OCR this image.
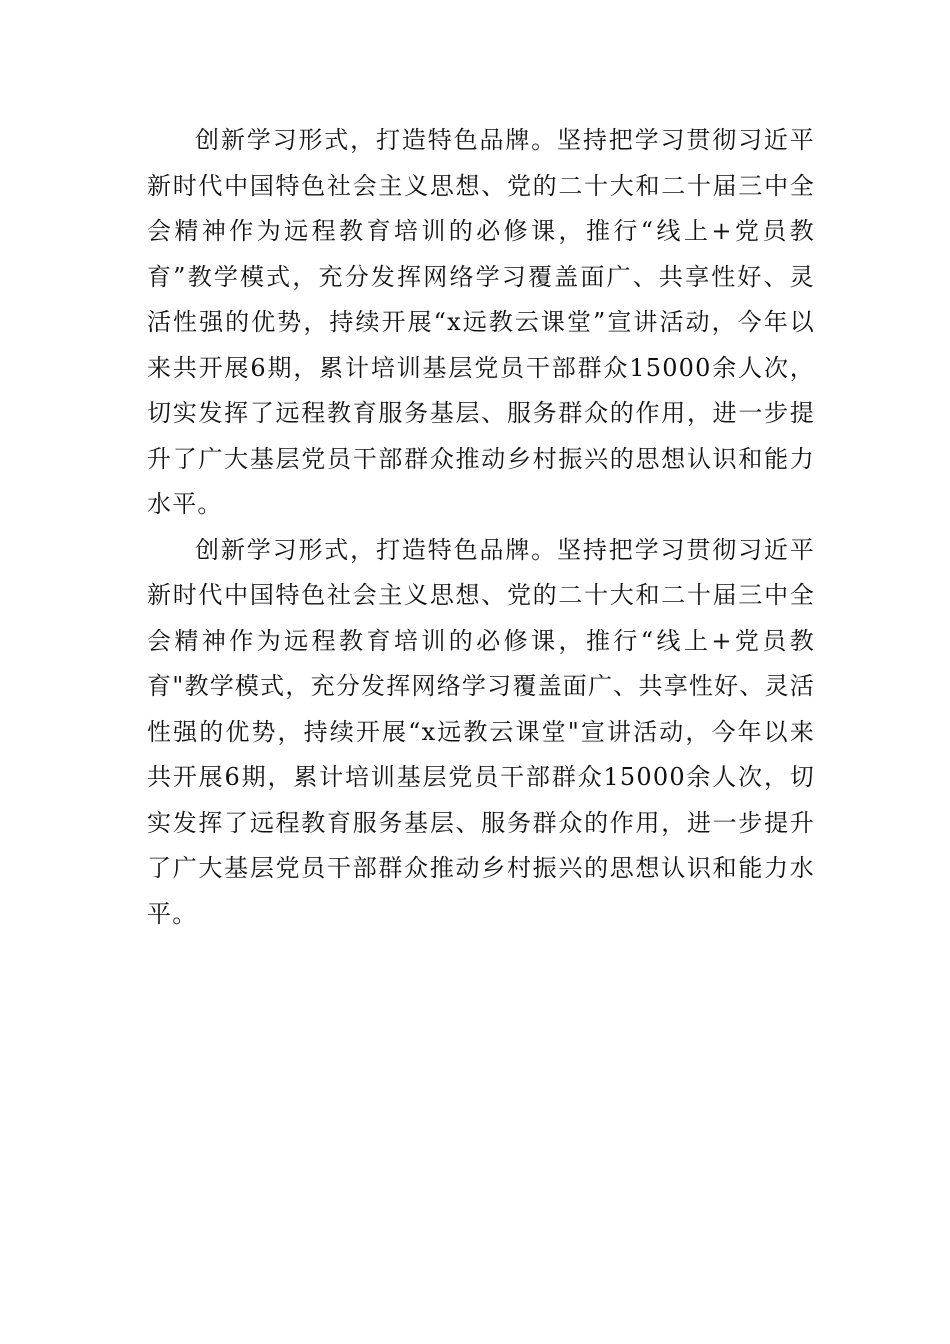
创新学习形式，打造特色品牌。坚持把学习贯彻习近平新时代中国特色社会主义思想、党的二十大和二十届三中全会精神作为远程教育培训的必修课，推行“线上+党员教育”教学模式，充分发挥网络学习覆盖面广、共享性好、灵活性强的优势，持续开展“x远教云课堂”宣讲活动，今年以来共开展6期，累计培训基层党员干部群众15000余人次，切实发挥了远程教育服务基层、服务群众的作用，进一步提升了广大基层党员干部群众推动乡村振兴的思想认识和能力水平。

创新学习形式，打造特色品牌。坚持把学习贯彻习近平新时代中国特色社会主义思想、党的二十大和二十届三中全会精神作为远程教育培训的必修课，推行“线上+党员教育"教学模式，充分发挥网络学习覆盖面广、共享性好、灵活性强的优势，持续开展“x远教云课堂"宣讲活动，今年以来共开展6期，累计培训基层党员干部群众15000余人次，切实发挥了远程教育服务基层、服务群众的作用，进一步提升了广大基层党员干部群众推动乡村振兴的思想认识和能力水平。
